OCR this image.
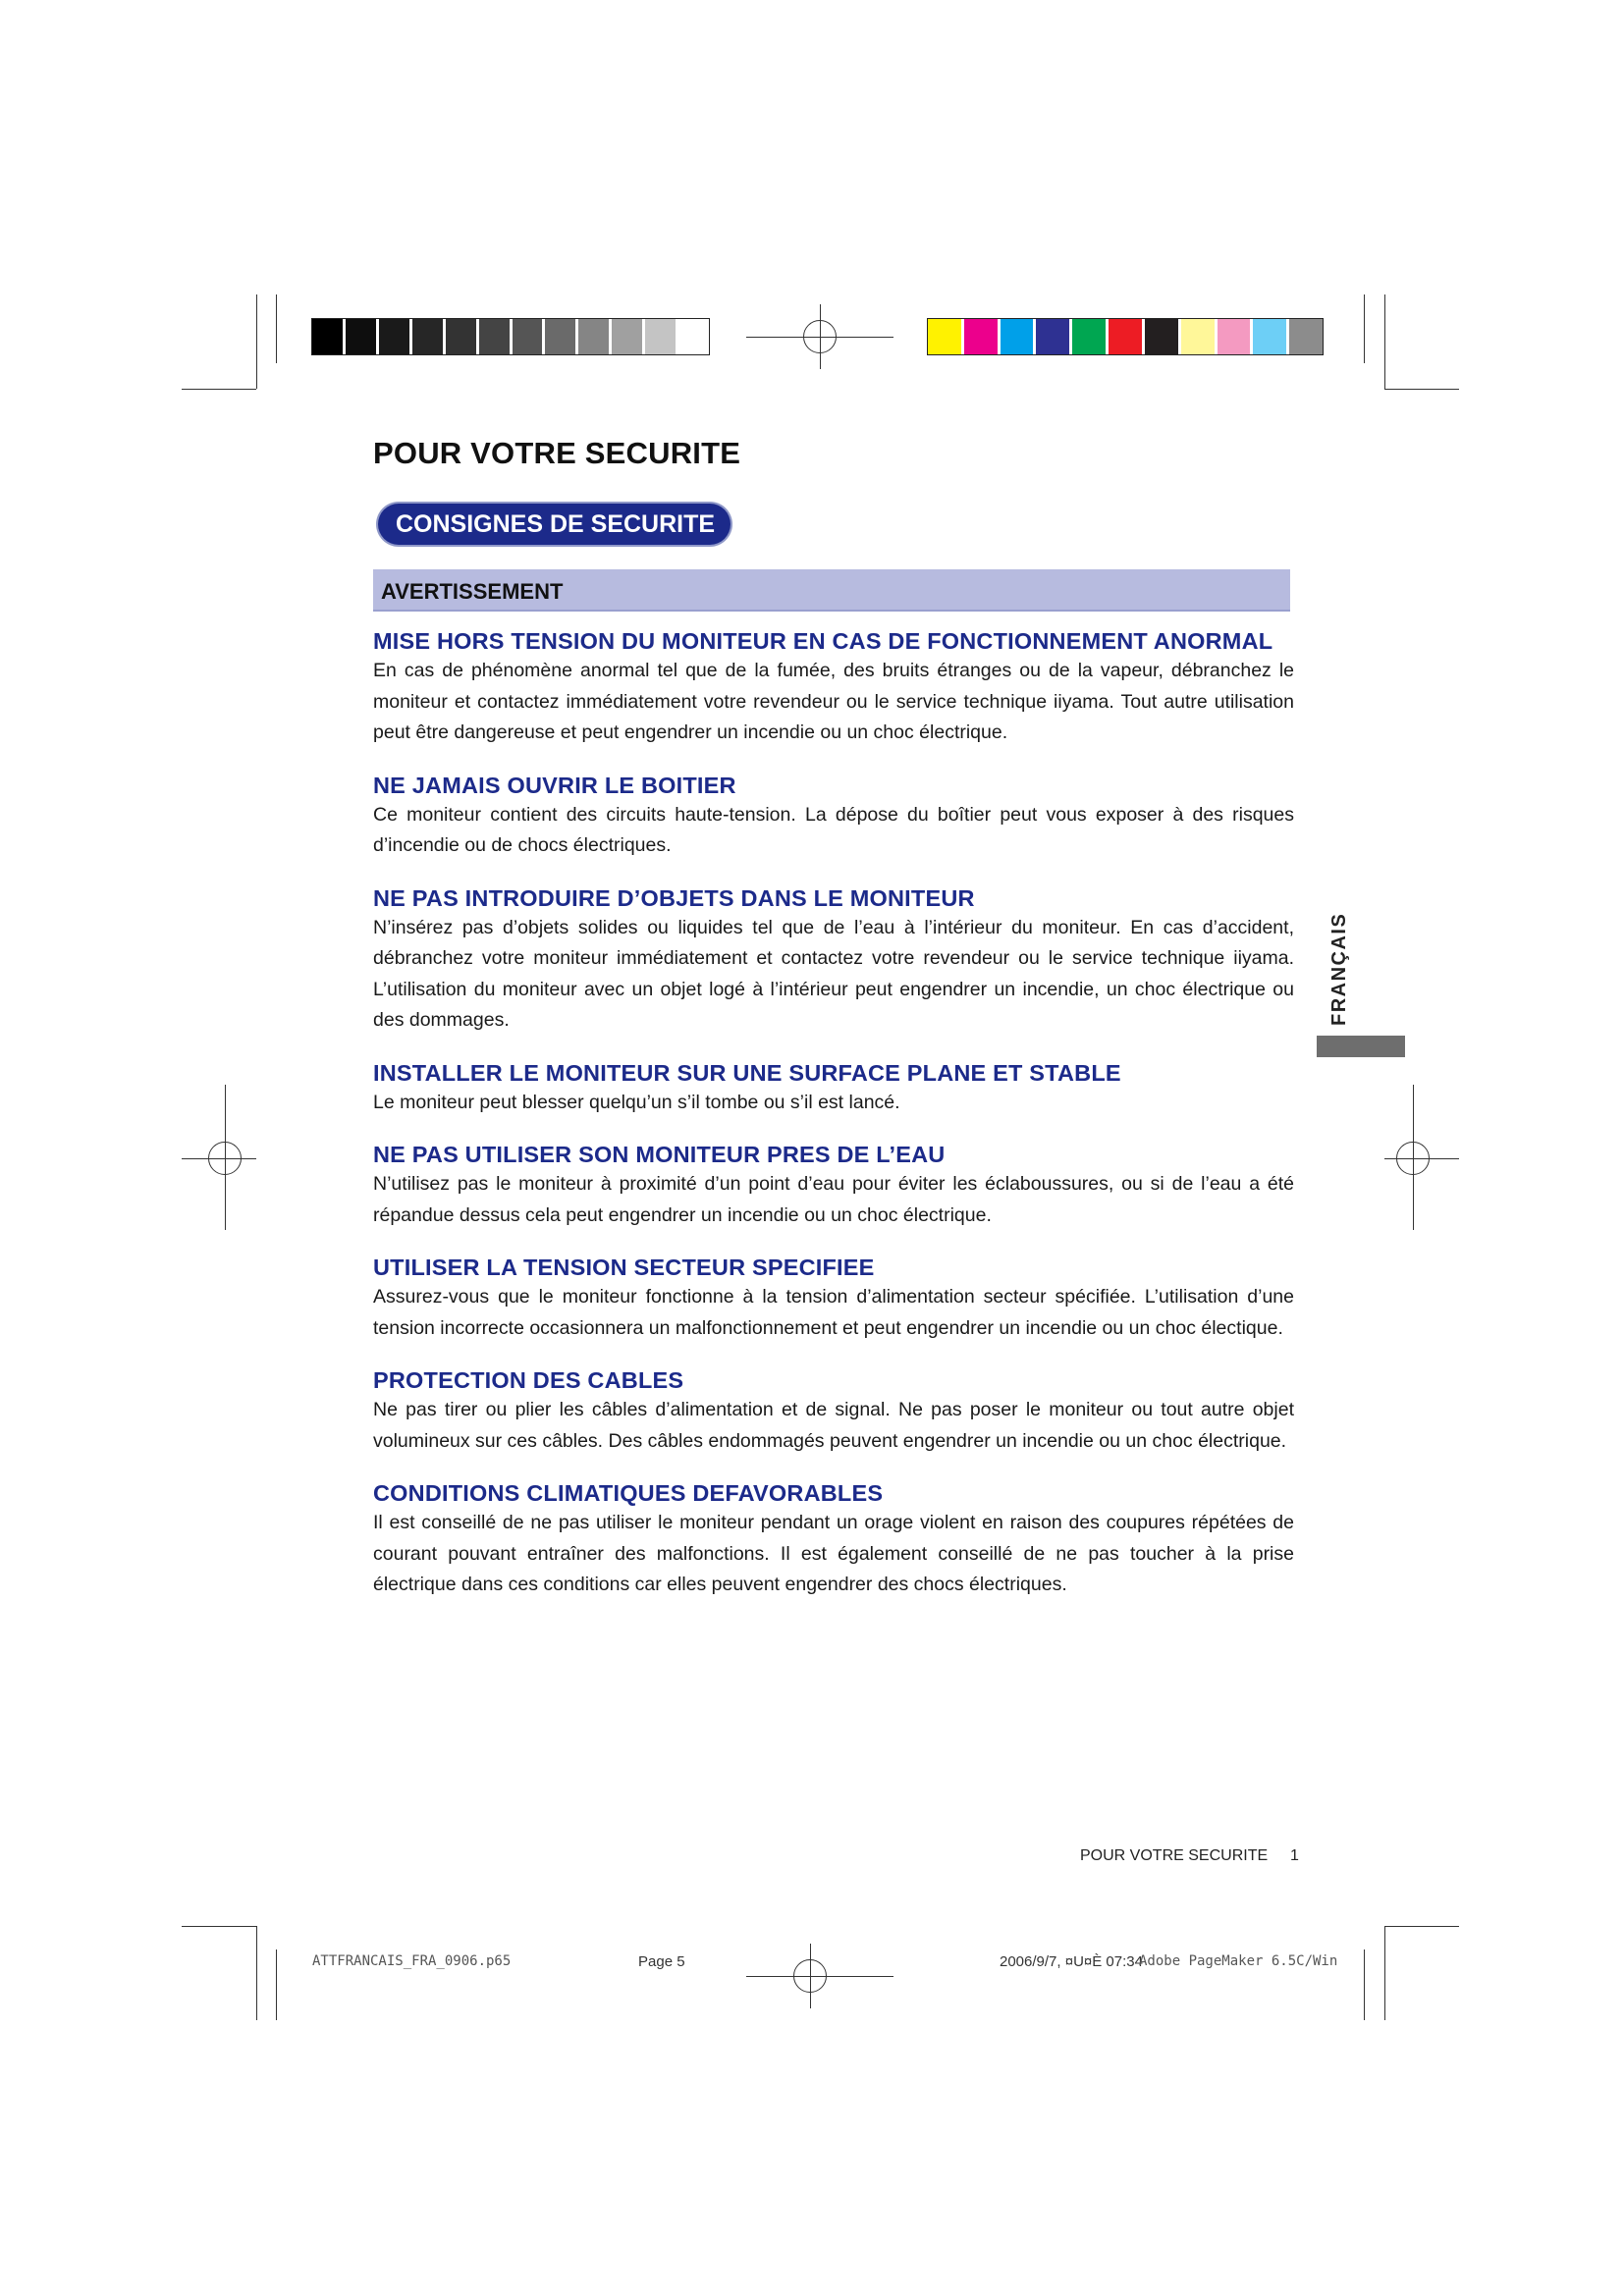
POUR VOTRE SECURITE
CONSIGNES DE SECURITE
AVERTISSEMENT
MISE HORS TENSION DU MONITEUR EN CAS DE FONCTIONNEMENT ANORMAL
En cas de phénomène anormal tel que de la fumée, des bruits étranges ou de la vapeur, débranchez le moniteur et contactez immédiatement votre revendeur ou le service technique iiyama. Tout autre utilisation peut être dangereuse et peut engendrer un incendie ou un choc électrique.
NE JAMAIS OUVRIR LE BOITIER
Ce moniteur contient des circuits haute-tension. La dépose du boîtier peut vous exposer à des risques d’incendie ou de chocs électriques.
NE PAS INTRODUIRE D’OBJETS DANS LE MONITEUR
N’insérez pas d’objets solides ou liquides tel que de l’eau à l’intérieur du moniteur. En cas d’accident, débranchez votre moniteur immédiatement et contactez votre revendeur ou le service technique iiyama. L’utilisation du moniteur avec un objet logé à l’intérieur peut engendrer un incendie, un choc électrique ou des dommages.
INSTALLER LE MONITEUR SUR UNE SURFACE PLANE ET STABLE
Le moniteur peut blesser quelqu’un s’il tombe ou s’il est lancé.
NE PAS UTILISER SON MONITEUR PRES DE L’EAU
N’utilisez pas le moniteur à proximité d’un point d’eau pour éviter les éclaboussures, ou si de l’eau a été répandue dessus cela peut engendrer un incendie ou un choc électrique.
UTILISER LA TENSION SECTEUR SPECIFIEE
Assurez-vous que le moniteur fonctionne à la tension d’alimentation secteur spécifiée. L’utilisation d’une tension incorrecte occasionnera un malfonctionnement et peut engendrer un incendie ou un choc électique.
PROTECTION DES CABLES
Ne pas tirer ou plier les câbles d’alimentation et de signal. Ne pas poser le moniteur ou tout autre objet volumineux sur ces câbles. Des câbles endommagés peuvent engendrer un incendie ou un choc électrique.
CONDITIONS CLIMATIQUES DEFAVORABLES
Il est conseillé de ne pas utiliser le moniteur pendant un orage violent en raison des coupures répétées de courant pouvant entraîner des malfonctions. Il est également conseillé de ne pas toucher à la prise électrique dans ces conditions car elles peuvent engendrer des chocs électriques.
FRANÇAIS
POUR VOTRE SECURITE 1
ATTFRANCAIS_FRA_0906.p65	Page 5	2006/9/7, ¤U¤È 07:34
Adobe PageMaker 6.5C/Win
